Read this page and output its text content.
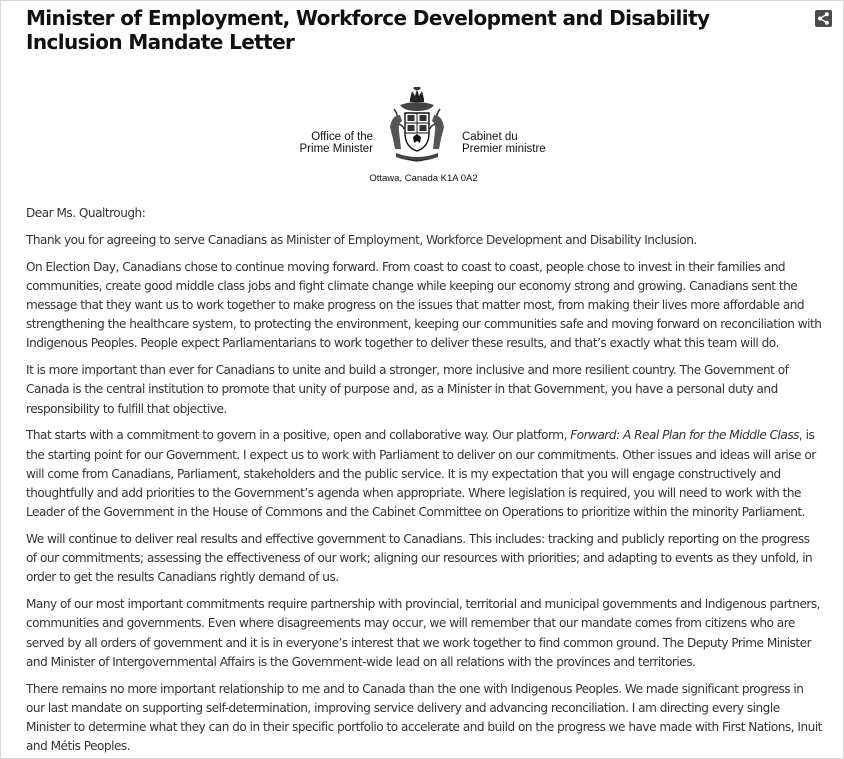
Minister of Employment, Workforce Development and Disability Inclusion Mandate Letter
Office of the
Prime Minister
Cabinet du
Premier ministre
Ottawa, Canada K1A 0A2

Dear Ms. Qualtrough:

Thank you for agreeing to serve Canadians as Minister of Employment, Workforce Development and Disability Inclusion.

On Election Day, Canadians chose to continue moving forward. From coast to coast to coast, people chose to invest in their families and communities, create good middle class jobs and fight climate change while keeping our economy strong and growing. Canadians sent the message that they want us to work together to make progress on the issues that matter most, from making their lives more affordable and strengthening the healthcare system, to protecting the environment, keeping our communities safe and moving forward on reconciliation with Indigenous Peoples. People expect Parliamentarians to work together to deliver these results, and that’s exactly what this team will do.

It is more important than ever for Canadians to unite and build a stronger, more inclusive and more resilient country. The Government of Canada is the central institution to promote that unity of purpose and, as a Minister in that Government, you have a personal duty and responsibility to fulfill that objective.

That starts with a commitment to govern in a positive, open and collaborative way. Our platform, Forward: A Real Plan for the Middle Class, is the starting point for our Government. I expect us to work with Parliament to deliver on our commitments. Other issues and ideas will arise or will come from Canadians, Parliament, stakeholders and the public service. It is my expectation that you will engage constructively and thoughtfully and add priorities to the Government’s agenda when appropriate. Where legislation is required, you will need to work with the Leader of the Government in the House of Commons and the Cabinet Committee on Operations to prioritize within the minority Parliament.

We will continue to deliver real results and effective government to Canadians. This includes: tracking and publicly reporting on the progress of our commitments; assessing the effectiveness of our work; aligning our resources with priorities; and adapting to events as they unfold, in order to get the results Canadians rightly demand of us.

Many of our most important commitments require partnership with provincial, territorial and municipal governments and Indigenous partners, communities and governments. Even where disagreements may occur, we will remember that our mandate comes from citizens who are served by all orders of government and it is in everyone’s interest that we work together to find common ground. The Deputy Prime Minister and Minister of Intergovernmental Affairs is the Government-wide lead on all relations with the provinces and territories.

There remains no more important relationship to me and to Canada than the one with Indigenous Peoples. We made significant progress in our last mandate on supporting self-determination, improving service delivery and advancing reconciliation. I am directing every single Minister to determine what they can do in their specific portfolio to accelerate and build on the progress we have made with First Nations, Inuit and Métis Peoples.
